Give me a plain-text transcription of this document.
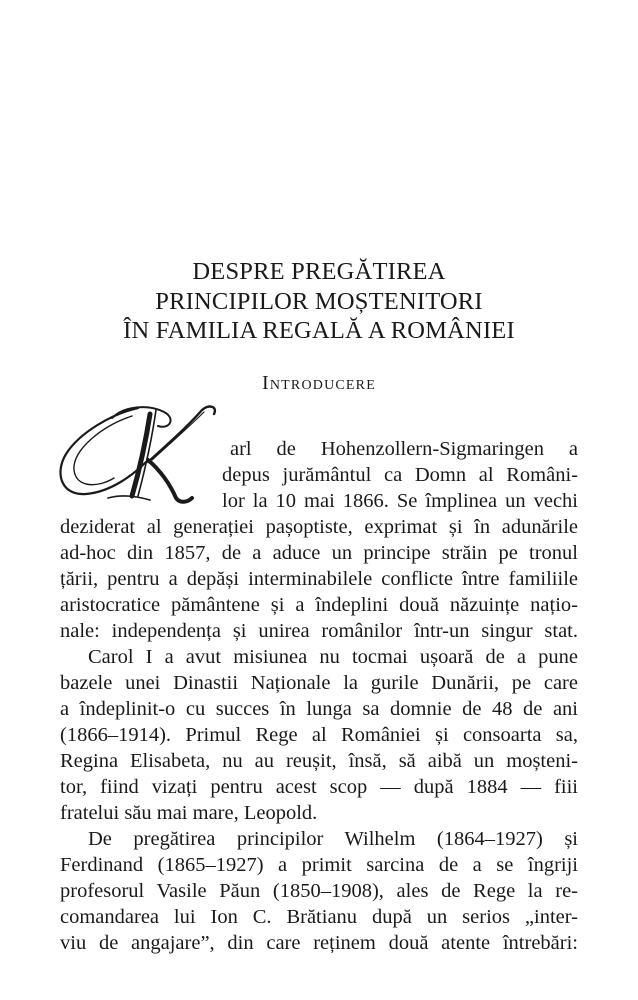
DESPRE PREGĂTIREA
PRINCIPILOR MOȘTENITORI
ÎN FAMILIA REGALĂ A ROMÂNIEI
Introducere

arl de Hohenzollern-Sigmaringen a

depus jurământul ca Domn al Români-

lor la 10 mai 1866. Se împlinea un vechi

deziderat al generației pașoptiste, exprimat și în adunările

ad-hoc din 1857, de a aduce un principe străin pe tronul

țării, pentru a depăși interminabilele conflicte între familiile

aristocratice pământene și a îndeplini două năzuințe națio-

nale: independența și unirea românilor într-un singur stat.

Carol I a avut misiunea nu tocmai ușoară de a pune

bazele unei Dinastii Naționale la gurile Dunării, pe care

a îndeplinit-o cu succes în lunga sa domnie de 48 de ani

(1866–1914). Primul Rege al României și consoarta sa,

Regina Elisabeta, nu au reușit, însă, să aibă un moșteni-

tor, fiind vizați pentru acest scop — după 1884 — fiii

fratelui său mai mare, Leopold.

De pregătirea principilor Wilhelm (1864–1927) și

Ferdinand (1865–1927) a primit sarcina de a se îngriji

profesorul Vasile Păun (1850–1908), ales de Rege la re-

comandarea lui Ion C. Brătianu după un serios „inter-

viu de angajare”, din care reținem două atente întrebări:
